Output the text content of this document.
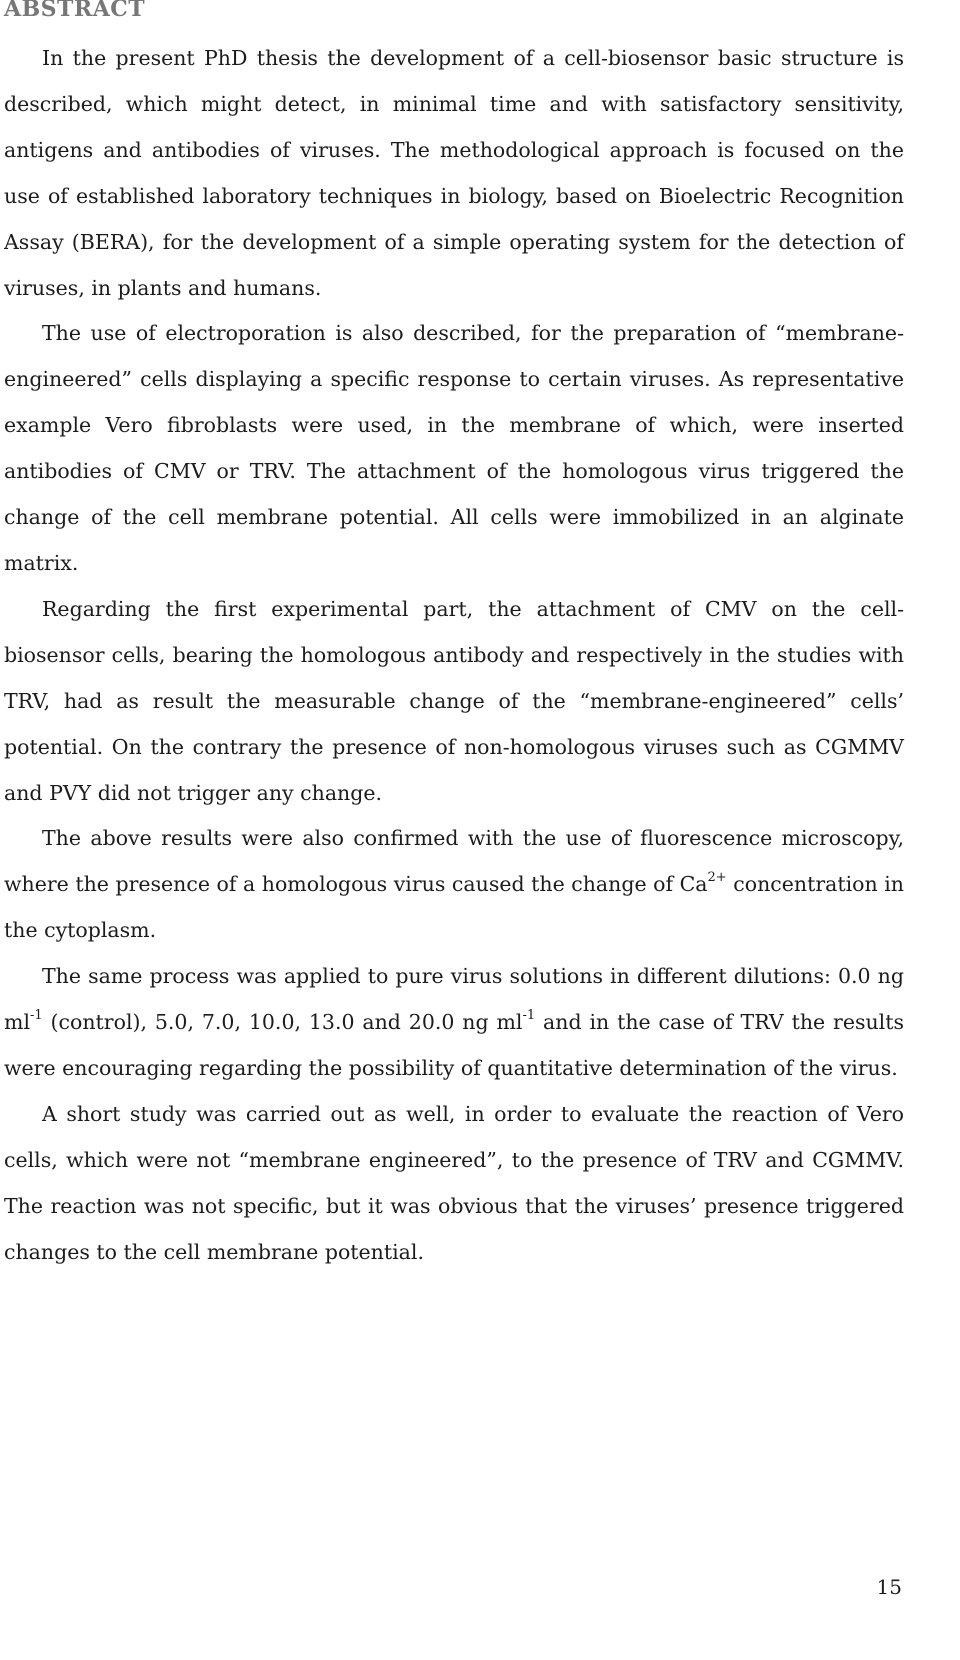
ABSTRACT

In the present PhD thesis the development of a cell-biosensor basic structure is described, which might detect, in minimal time and with satisfactory sensitivity, antigens and antibodies of viruses. The methodological approach is focused on the use of established laboratory techniques in biology, based on Bioelectric Recognition Assay (BERA), for the development of a simple operating system for the detection of viruses, in plants and humans.

The use of electroporation is also described, for the preparation of “membrane-engineered” cells displaying a specific response to certain viruses. As representative example Vero fibroblasts were used, in the membrane of which, were inserted antibodies of CMV or TRV. The attachment of the homologous virus triggered the change of the cell membrane potential. All cells were immobilized in an alginate matrix.

Regarding the first experimental part, the attachment of CMV on the cell-biosensor cells, bearing the homologous antibody and respectively in the studies with TRV, had as result the measurable change of the “membrane-engineered” cells’ potential. On the contrary the presence of non-homologous viruses such as CGMMV and PVY did not trigger any change.

The above results were also confirmed with the use of fluorescence microscopy, where the presence of a homologous virus caused the change of $Ca^{2+}$ concentration in the cytoplasm.

The same process was applied to pure virus solutions in different dilutions: 0.0 ng $ml^{-1}$ (control), 5.0, 7.0, 10.0, 13.0 and 20.0 ng $ml^{-1}$ and in the case of TRV the results were encouraging regarding the possibility of quantitative determination of the virus.

A short study was carried out as well, in order to evaluate the reaction of Vero cells, which were not “membrane engineered”, to the presence of TRV and CGMMV. The reaction was not specific, but it was obvious that the viruses’ presence triggered changes to the cell membrane potential.

15
